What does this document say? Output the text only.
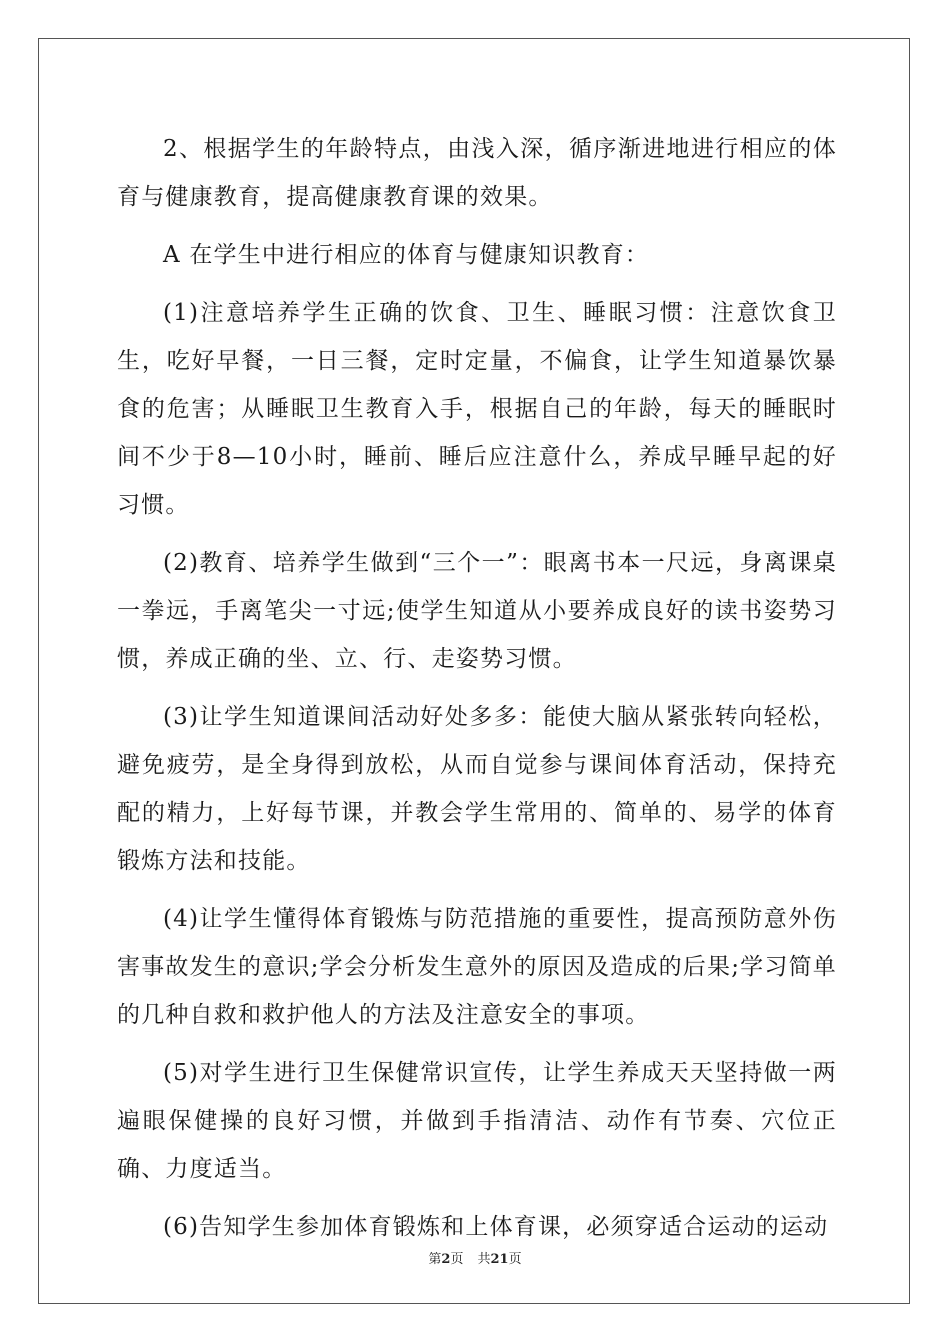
2、根据学生的年龄特点，由浅入深，循序渐进地进行相应的体育与健康教育，提高健康教育课的效果。

A 在学生中进行相应的体育与健康知识教育：

(1)注意培养学生正确的饮食、卫生、睡眠习惯：注意饮食卫生，吃好早餐，一日三餐，定时定量，不偏食，让学生知道暴饮暴食的危害；从睡眠卫生教育入手，根据自己的年龄，每天的睡眠时间不少于8—10小时，睡前、睡后应注意什么，养成早睡早起的好习惯。

(2)教育、培养学生做到“三个一”：眼离书本一尺远，身离课桌一拳远，手离笔尖一寸远;使学生知道从小要养成良好的读书姿势习惯，养成正确的坐、立、行、走姿势习惯。

(3)让学生知道课间活动好处多多：能使大脑从紧张转向轻松，避免疲劳，是全身得到放松，从而自觉参与课间体育活动，保持充配的精力，上好每节课，并教会学生常用的、简单的、易学的体育锻炼方法和技能。

(4)让学生懂得体育锻炼与防范措施的重要性，提高预防意外伤害事故发生的意识;学会分析发生意外的原因及造成的后果;学习简单的几种自救和救护他人的方法及注意安全的事项。

(5)对学生进行卫生保健常识宣传，让学生养成天天坚持做一两遍眼保健操的良好习惯，并做到手指清洁、动作有节奏、穴位正确、力度适当。

(6)告知学生参加体育锻炼和上体育课，必须穿适合运动的运动

第2页 共21页
